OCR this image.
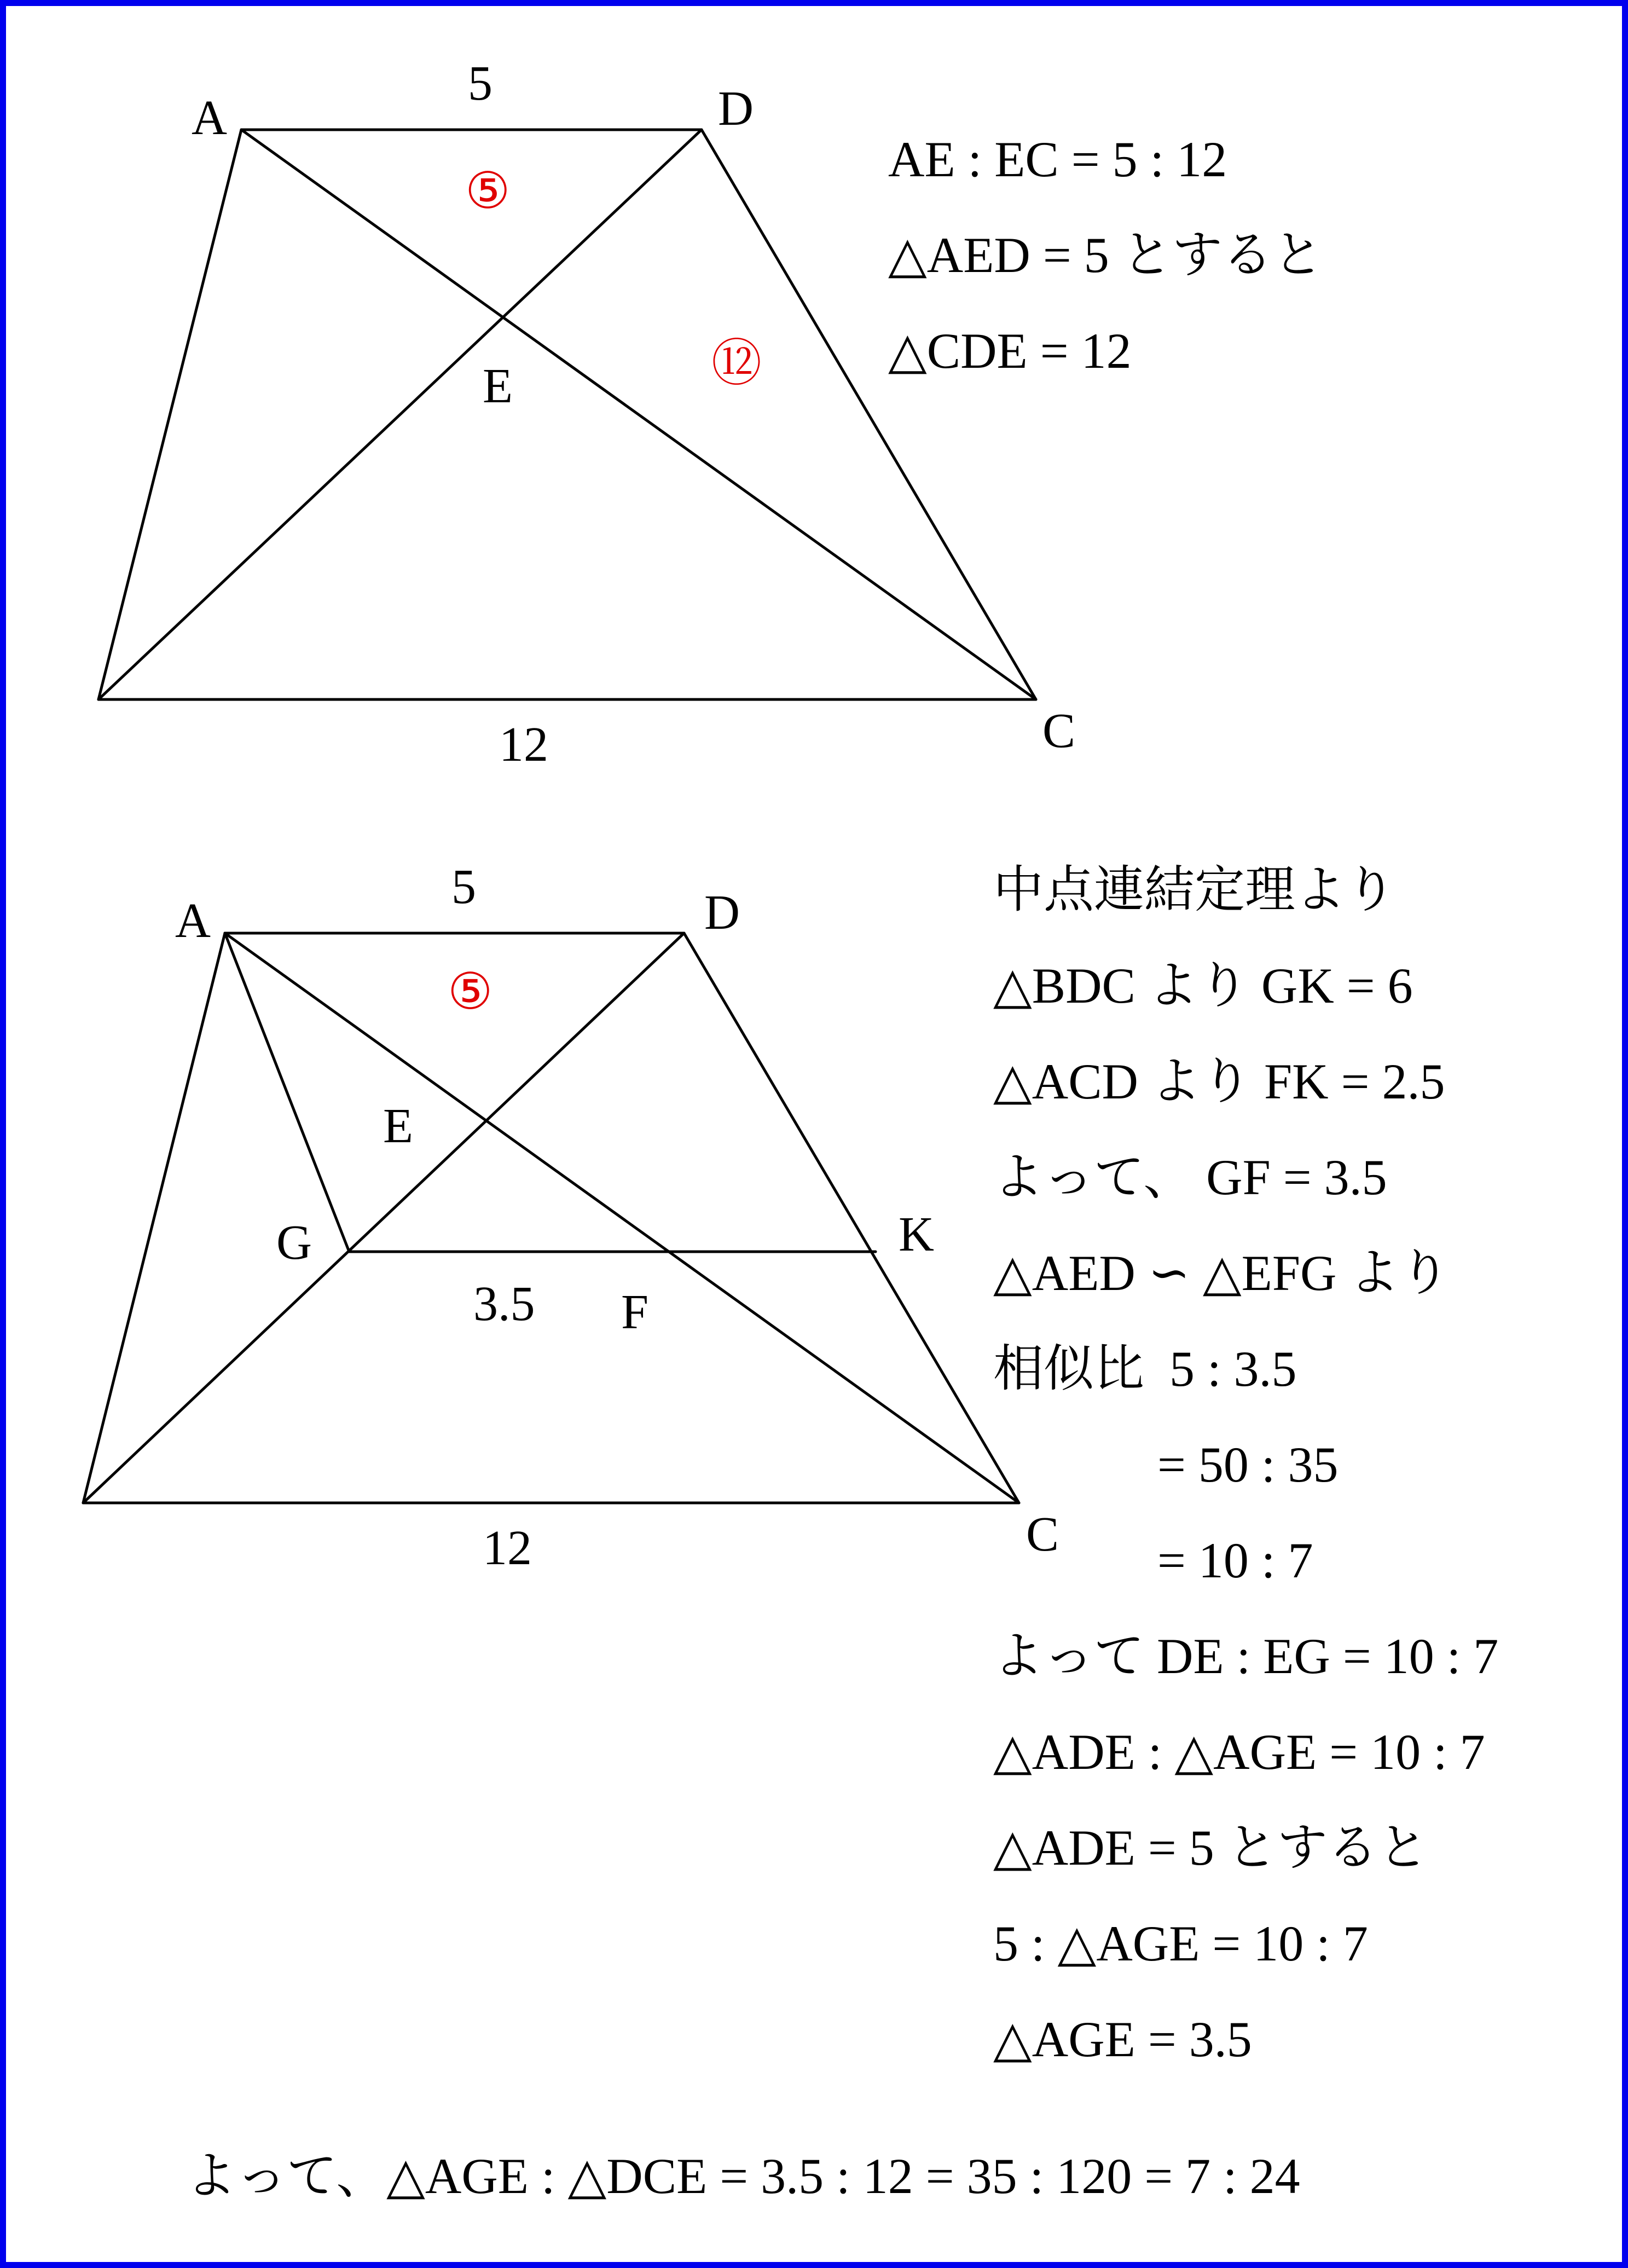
A	D
E
C
5
12
⑤
⑫
A	D
E
G	K
F
C
5
3.5
12
⑤
AE : EC = 5 : 12
△AED = 5 とすると
△CDE = 12
中点連結定理より
△BDC より GK = 6
△ACD より FK = 2.5
よって、 GF = 3.5
△AED ∽ △EFG より
相似比  5 : 3.5
= 50 : 35
= 10 : 7
よって DE : EG = 10 : 7
△ADE : △AGE = 10 : 7
△ADE = 5 とすると
5 : △AGE = 10 : 7
△AGE = 3.5
よって、△AGE : △DCE = 3.5 : 12 = 35 : 120 = 7 : 24
